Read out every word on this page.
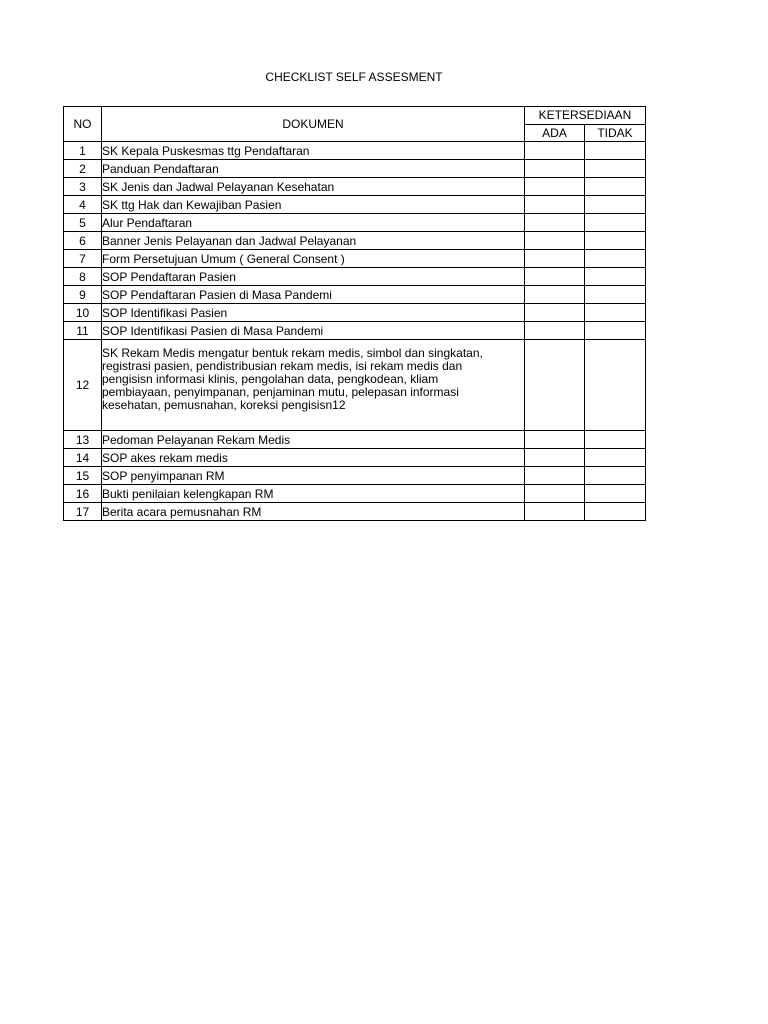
CHECKLIST SELF ASSESMENT
NO	DOKUMEN	KETERSEDIAAN	
		ADA	TIDAK
1	SK Kepala Puskesmas ttg Pendaftaran		
2	Panduan Pendaftaran		
3	SK Jenis dan Jadwal Pelayanan Kesehatan		
4	SK ttg Hak dan Kewajiban Pasien		
5	Alur Pendaftaran		
6	Banner Jenis Pelayanan dan Jadwal Pelayanan		
7	Form Persetujuan Umum ( General Consent )		
8	SOP Pendaftaran Pasien		
9	SOP Pendaftaran Pasien di Masa Pandemi		
10	SOP Identifikasi Pasien		
11	SOP Identifikasi Pasien di Masa Pandemi		
12	SK Rekam Medis mengatur bentuk rekam medis, simbol dan singkatan, registrasi pasien, pendistribusian rekam medis, isi rekam medis dan pengisisn informasi klinis, pengolahan data, pengkodean, kliam pembiayaan, penyimpanan, penjaminan mutu, pelepasan informasi kesehatan, pemusnahan, koreksi pengisisn12		
13	Pedoman Pelayanan Rekam Medis		
14	SOP akes rekam medis		
15	SOP penyimpanan RM		
16	Bukti penilaian kelengkapan RM		
17	Berita acara pemusnahan RM		
